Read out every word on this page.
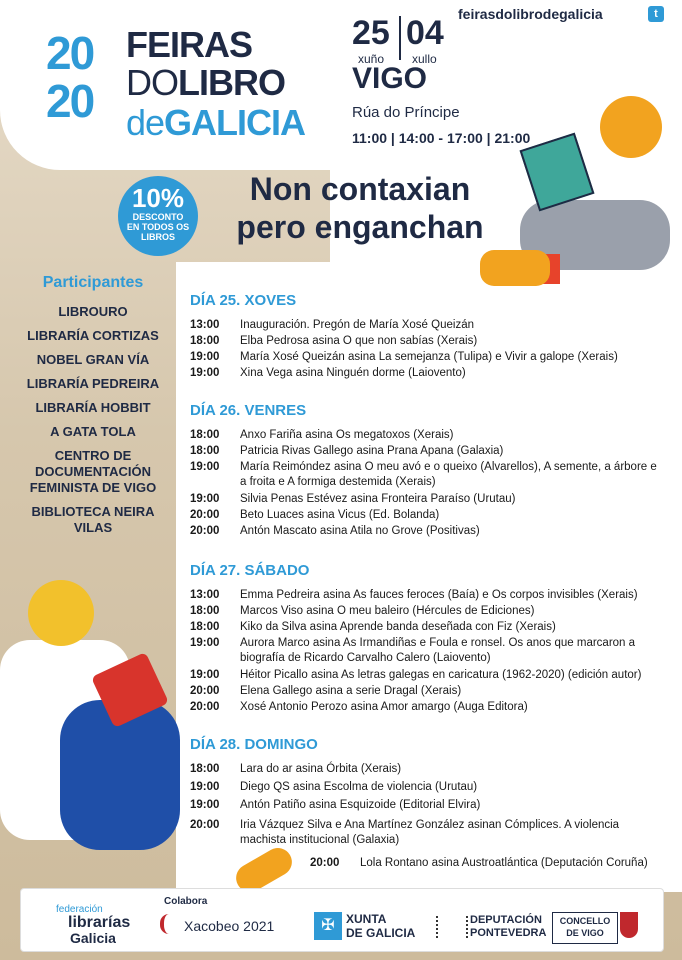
20
20
FEIRAS
DOLIBRO
deGALICIA
25 04
xuño xullo
VIGO
Rúa do Príncipe
11:00 | 14:00 - 17:00 | 21:00
feirasdolibrodegalicia	t
10%
DESCONTO
EN TODOS OS
LIBROS
Non contaxian
pero enganchan
Participantes
LIBROURO
LIBRARÍA CORTIZAS
NOBEL GRAN VÍA
LIBRARÍA PEDREIRA
LIBRARÍA HOBBIT
A GATA TOLA
CENTRO DE DOCUMENTACIÓN FEMINISTA DE VIGO
BIBLIOTECA NEIRA VILAS
DÍA 25. XOVES
13:00	Inauguración. Pregón de María Xosé Queizán
18:00	Elba Pedrosa asina O que non sabías (Xerais)
19:00	María Xosé Queizán asina La semejanza (Tulipa) e Vivir a galope (Xerais)
19:00	Xina Vega asina Ninguén dorme (Laiovento)
DÍA 26. VENRES
18:00	Anxo Fariña asina Os megatoxos (Xerais)
18:00	Patricia Rivas Gallego asina Prana Apana (Galaxia)
19:00	María Reimóndez asina O meu avó e o queixo (Alvarellos), A semente, a árbore e a froita e A formiga destemida (Xerais)
19:00	Silvia Penas Estévez asina Fronteira Paraíso (Urutau)
20:00	Beto Luaces asina Vicus (Ed. Bolanda)
20:00	Antón Mascato asina Atila no Grove (Positivas)
DÍA 27. SÁBADO
13:00	Emma Pedreira asina As fauces feroces (Baía) e Os corpos invisibles (Xerais)
18:00	Marcos Viso asina O meu baleiro (Hércules de Ediciones)
18:00	Kiko da Silva asina Aprende banda deseñada con Fiz (Xerais)
19:00	Aurora Marco asina As Irmandiñas e Foula e ronsel. Os anos que marcaron a biografía de Ricardo Carvalho Calero (Laiovento)
19:00	Héitor Picallo asina As letras galegas en caricatura (1962-2020) (edición autor)
20:00	Elena Gallego asina a serie Dragal (Xerais)
20:00	Xosé Antonio Perozo asina Amor amargo (Auga Editora)
DÍA 28. DOMINGO
18:00	Lara do ar asina Órbita (Xerais)
19:00	Diego QS asina Escolma de violencia (Urutau)
19:00	Antón Patiño asina Esquizoide (Editorial Elvira)
20:00	Iria Vázquez Silva e Ana Martínez González asinan Cómplices. A violencia machista institucional (Galaxia)
20:00	Lola Rontano asina Austroatlántica (Deputación Coruña)
federación
librarías
Galicia
Colabora
Xacobeo 2021	✠ XUNTA
DE GALICIA
DEPUTACIÓN
PONTEVEDRA
CONCELLO
DE VIGO
